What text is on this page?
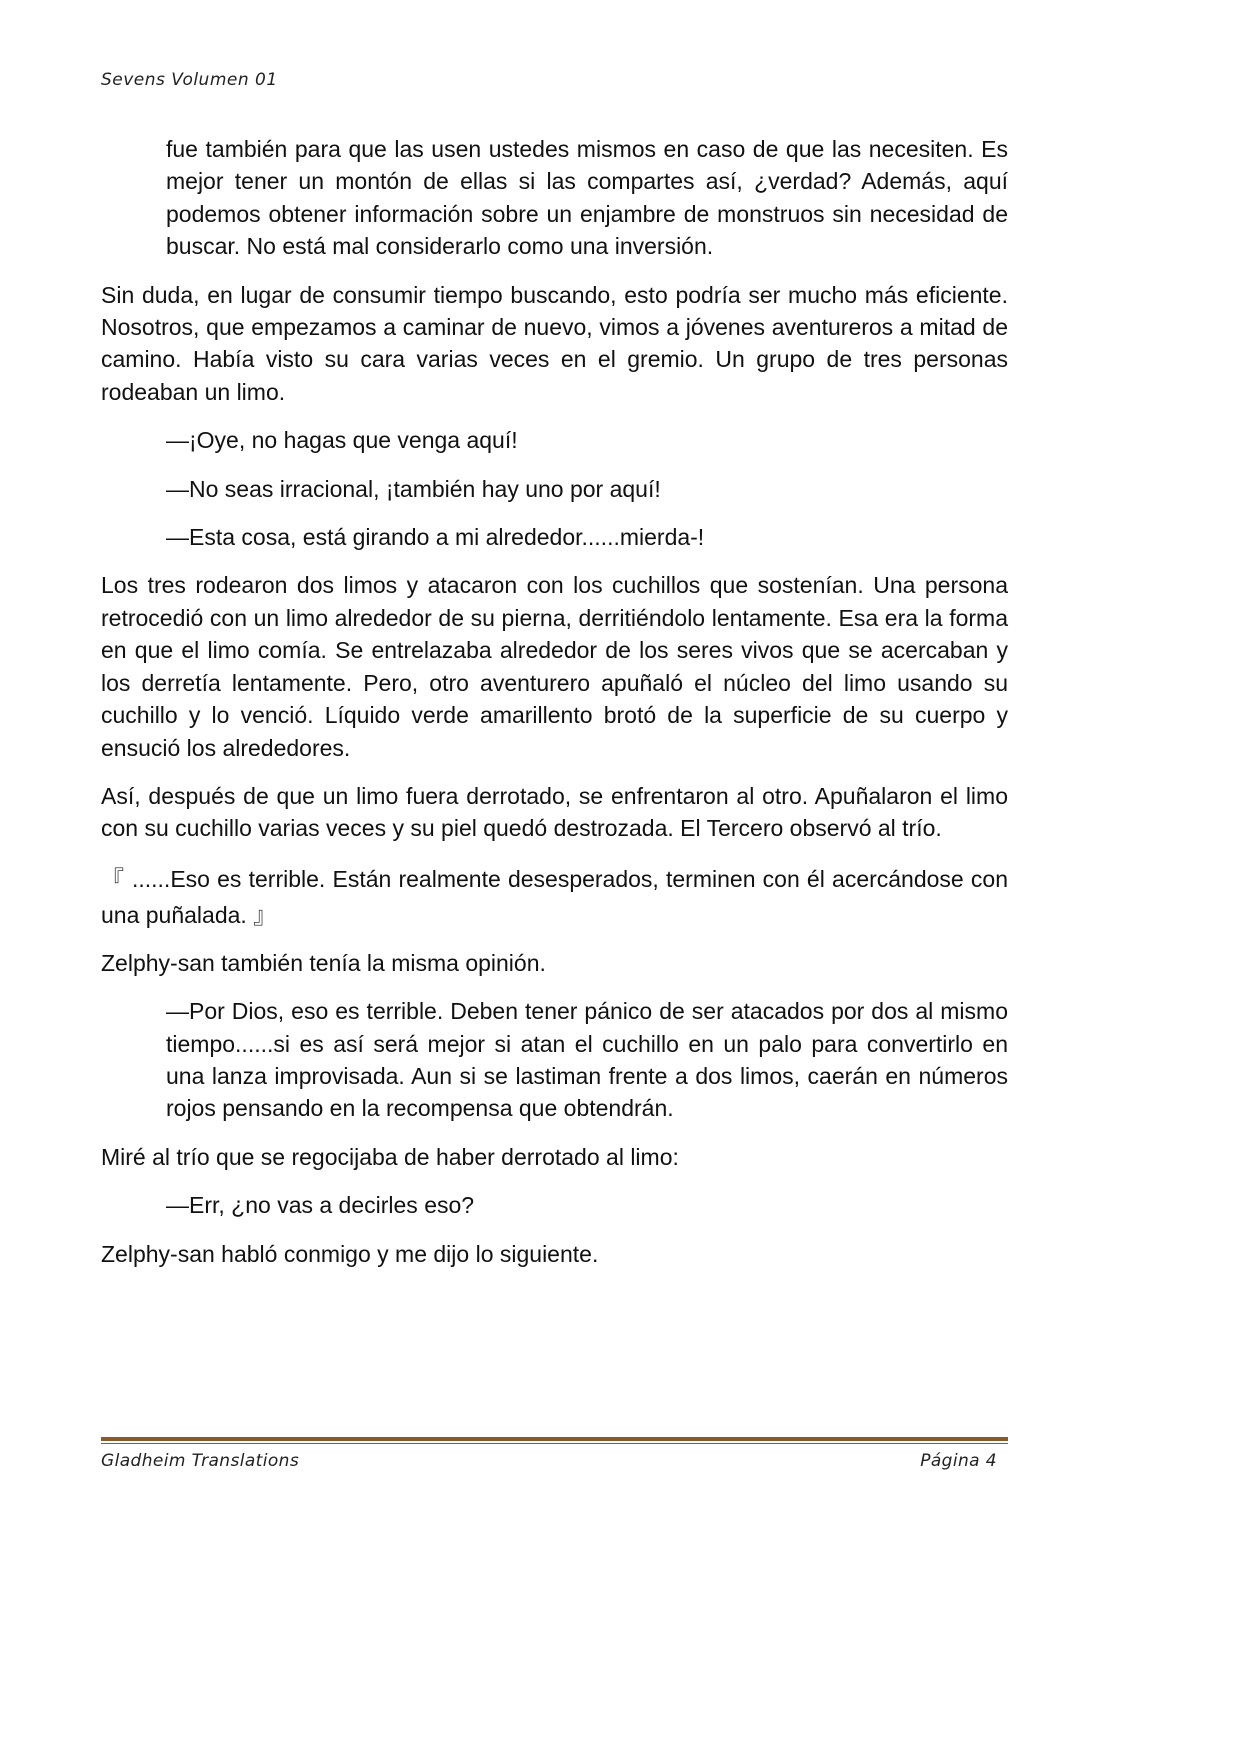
Sevens Volumen 01

fue también para que las usen ustedes mismos en caso de que las necesiten. Es mejor tener un montón de ellas si las compartes así, ¿verdad? Además, aquí podemos obtener información sobre un enjambre de monstruos sin necesidad de buscar. No está mal considerarlo como una inversión.

Sin duda, en lugar de consumir tiempo buscando, esto podría ser mucho más eficiente. Nosotros, que empezamos a caminar de nuevo, vimos a jóvenes aventureros a mitad de camino. Había visto su cara varias veces en el gremio. Un grupo de tres personas rodeaban un limo.

—¡Oye, no hagas que venga aquí!

—No seas irracional, ¡también hay uno por aquí!

—Esta cosa, está girando a mi alrededor......mierda-!

Los tres rodearon dos limos y atacaron con los cuchillos que sostenían. Una persona retrocedió con un limo alrededor de su pierna, derritiéndolo lentamente. Esa era la forma en que el limo comía. Se entrelazaba alrededor de los seres vivos que se acercaban y los derretía lentamente. Pero, otro aventurero apuñaló el núcleo del limo usando su cuchillo y lo venció. Líquido verde amarillento brotó de la superficie de su cuerpo y ensució los alrededores.

Así, después de que un limo fuera derrotado, se enfrentaron al otro. Apuñalaron el limo con su cuchillo varias veces y su piel quedó destrozada. El Tercero observó al trío.

『 ......Eso es terrible. Están realmente desesperados, terminen con él acercándose con una puñalada. 』

Zelphy-san también tenía la misma opinión.

—Por Dios, eso es terrible. Deben tener pánico de ser atacados por dos al mismo tiempo......si es así será mejor si atan el cuchillo en un palo para convertirlo en una lanza improvisada. Aun si se lastiman frente a dos limos, caerán en números rojos pensando en la recompensa que obtendrán.

Miré al trío que se regocijaba de haber derrotado al limo:

—Err, ¿no vas a decirles eso?

Zelphy-san habló conmigo y me dijo lo siguiente.

Gladheim Translations	Página 4
